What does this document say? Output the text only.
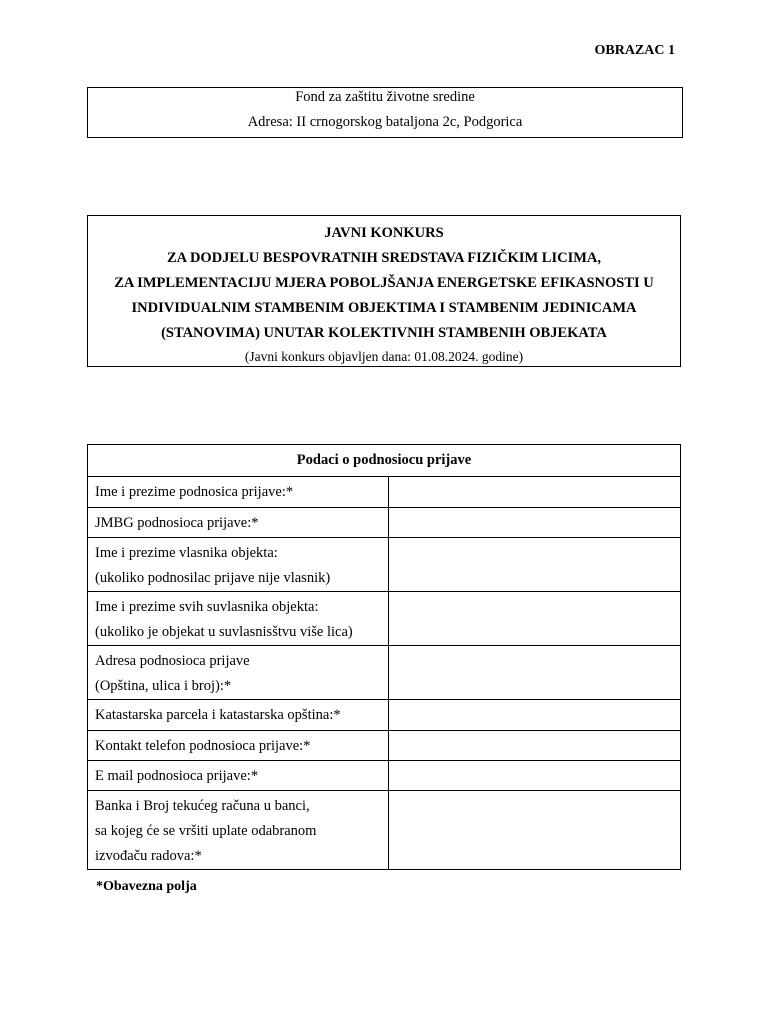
OBRAZAC 1
Fond za zaštitu životne sredine
Adresa: II crnogorskog bataljona 2c, Podgorica
JAVNI KONKURS
ZA DODJELU BESPOVRATNIH SREDSTAVA FIZIČKIM LICIMA,
ZA IMPLEMENTACIJU MJERA POBOLJŠANJA ENERGETSKE EFIKASNOSTI U
INDIVIDUALNIM STAMBENIM OBJEKTIMA I STAMBENIM JEDINICAMA
(STANOVIMA) UNUTAR KOLEKTIVNIH STAMBENIH OBJEKATA
(Javni konkurs objavljen dana: 01.08.2024. godine)
Podaci o podnosiocu prijave	

Ime i prezime podnosica prijave:*	

JMBG podnosioca prijave:*	

Ime i prezime vlasnika objekta:
(ukoliko podnosilac prijave nije vlasnik)	

Ime i prezime svih suvlasnika objekta:
(ukoliko je objekat u suvlasnisštvu više lica)	

Adresa podnosioca prijave
(Opština, ulica i broj):*	

Katastarska parcela i katastarska opština:*	

Kontakt telefon podnosioca prijave:*	

E mail podnosioca prijave:*	

Banka i Broj tekućeg računa u banci,
sa kojeg će se vršiti uplate odabranom
izvođaču radova:*	

*Obavezna polja
